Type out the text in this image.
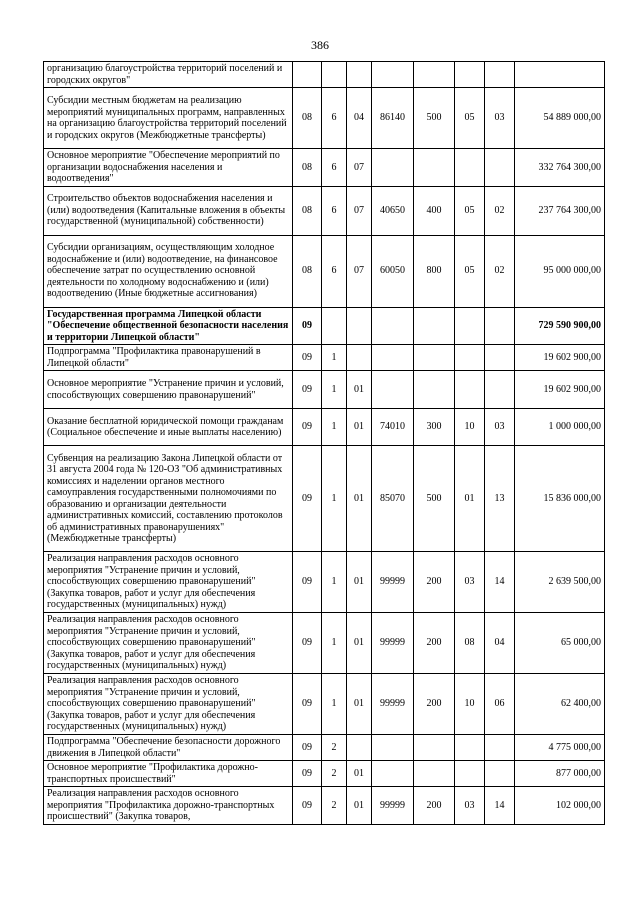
386
организацию благоустройства территорий поселений и городских округов"								
Субсидии местным бюджетам на реализацию мероприятий муниципальных программ, направленных на организацию благоустройства территорий поселений и городских округов (Межбюджетные трансферты)	08	6	04	86140	500	05	03	54 889 000,00
Основное мероприятие "Обеспечение мероприятий по организации водоснабжения населения и водоотведения"	08	6	07					332 764 300,00
Строительство объектов водоснабжения населения и (или) водоотведения (Капитальные вложения в объекты государственной (муниципальной) собственности)	08	6	07	40650	400	05	02	237 764 300,00
Субсидии организациям, осуществляющим холодное водоснабжение и (или) водоотведение, на финансовое обеспечение затрат по осуществлению основной деятельности по холодному водоснабжению и (или) водоотведению (Иные бюджетные ассигнования)	08	6	07	60050	800	05	02	95 000 000,00
Государственная программа Липецкой области "Обеспечение общественной безопасности населения и территории Липецкой области"	09							729 590 900,00
Подпрограмма "Профилактика правонарушений в Липецкой области"	09	1						19 602 900,00
Основное мероприятие "Устранение причин и условий, способствующих совершению правонарушений"	09	1	01					19 602 900,00
Оказание бесплатной юридической помощи гражданам (Социальное обеспечение и иные выплаты населению)	09	1	01	74010	300	10	03	1 000 000,00
Субвенция на реализацию Закона Липецкой области от 31 августа 2004 года № 120-ОЗ "Об административных комиссиях и наделении органов местного самоуправления государственными полномочиями по образованию и организации деятельности административных комиссий, составлению протоколов об административных правонарушениях" (Межбюджетные трансферты)	09	1	01	85070	500	01	13	15 836 000,00
Реализация направления расходов основного мероприятия "Устранение причин и условий, способствующих совершению правонарушений" (Закупка товаров, работ и услуг для обеспечения государственных (муниципальных) нужд)	09	1	01	99999	200	03	14	2 639 500,00
Реализация направления расходов основного мероприятия "Устранение причин и условий, способствующих совершению правонарушений" (Закупка товаров, работ и услуг для обеспечения государственных (муниципальных) нужд)	09	1	01	99999	200	08	04	65 000,00
Реализация направления расходов основного мероприятия "Устранение причин и условий, способствующих совершению правонарушений" (Закупка товаров, работ и услуг для обеспечения государственных (муниципальных) нужд)	09	1	01	99999	200	10	06	62 400,00
Подпрограмма "Обеспечение безопасности дорожного движения в Липецкой области"	09	2						4 775 000,00
Основное мероприятие "Профилактика дорожно-транспортных происшествий"	09	2	01					877 000,00
Реализация направления расходов основного мероприятия "Профилактика дорожно-транспортных происшествий" (Закупка товаров,	09	2	01	99999	200	03	14	102 000,00
